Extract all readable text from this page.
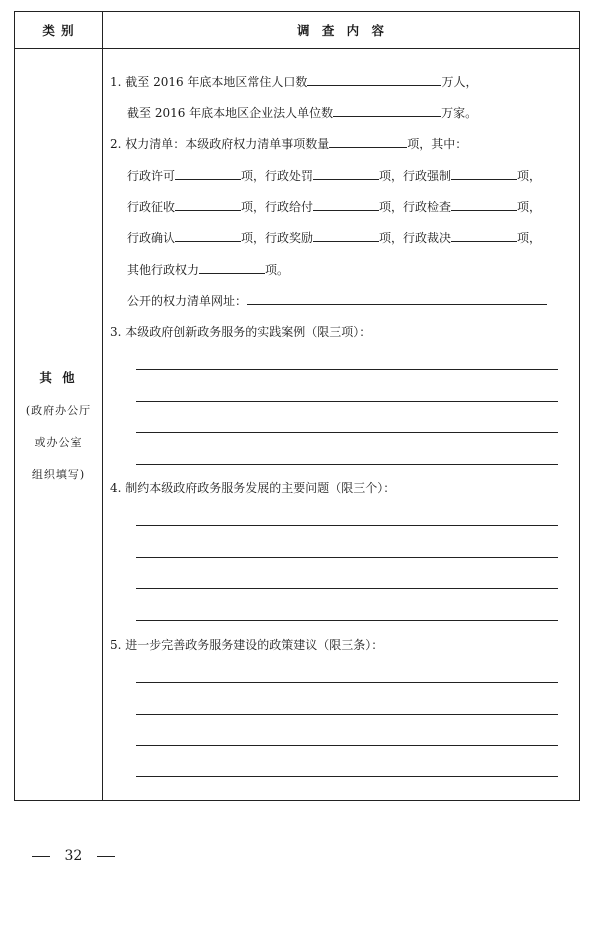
类 别	调 查 内 容
其 他
(政府办公厅
或办公室
组织填写)
1. 截至 2016 年底本地区常住人口数	万人，
截至 2016 年底本地区企业法人单位数	万家。
2. 权力清单：本级政府权力清单事项数量	项，其中：
行政许可	项，行政处罚	项，行政强制	项，
行政征收	项，行政给付	项，行政检查	项，
行政确认	项，行政奖励	项，行政裁决	项，
其他行政权力	项。
公开的权力清单网址：
3. 本级政府创新政务服务的实践案例（限三项）：
4. 制约本级政府政务服务发展的主要问题（限三个）：
5. 进一步完善政务服务建设的政策建议（限三条）：
32
